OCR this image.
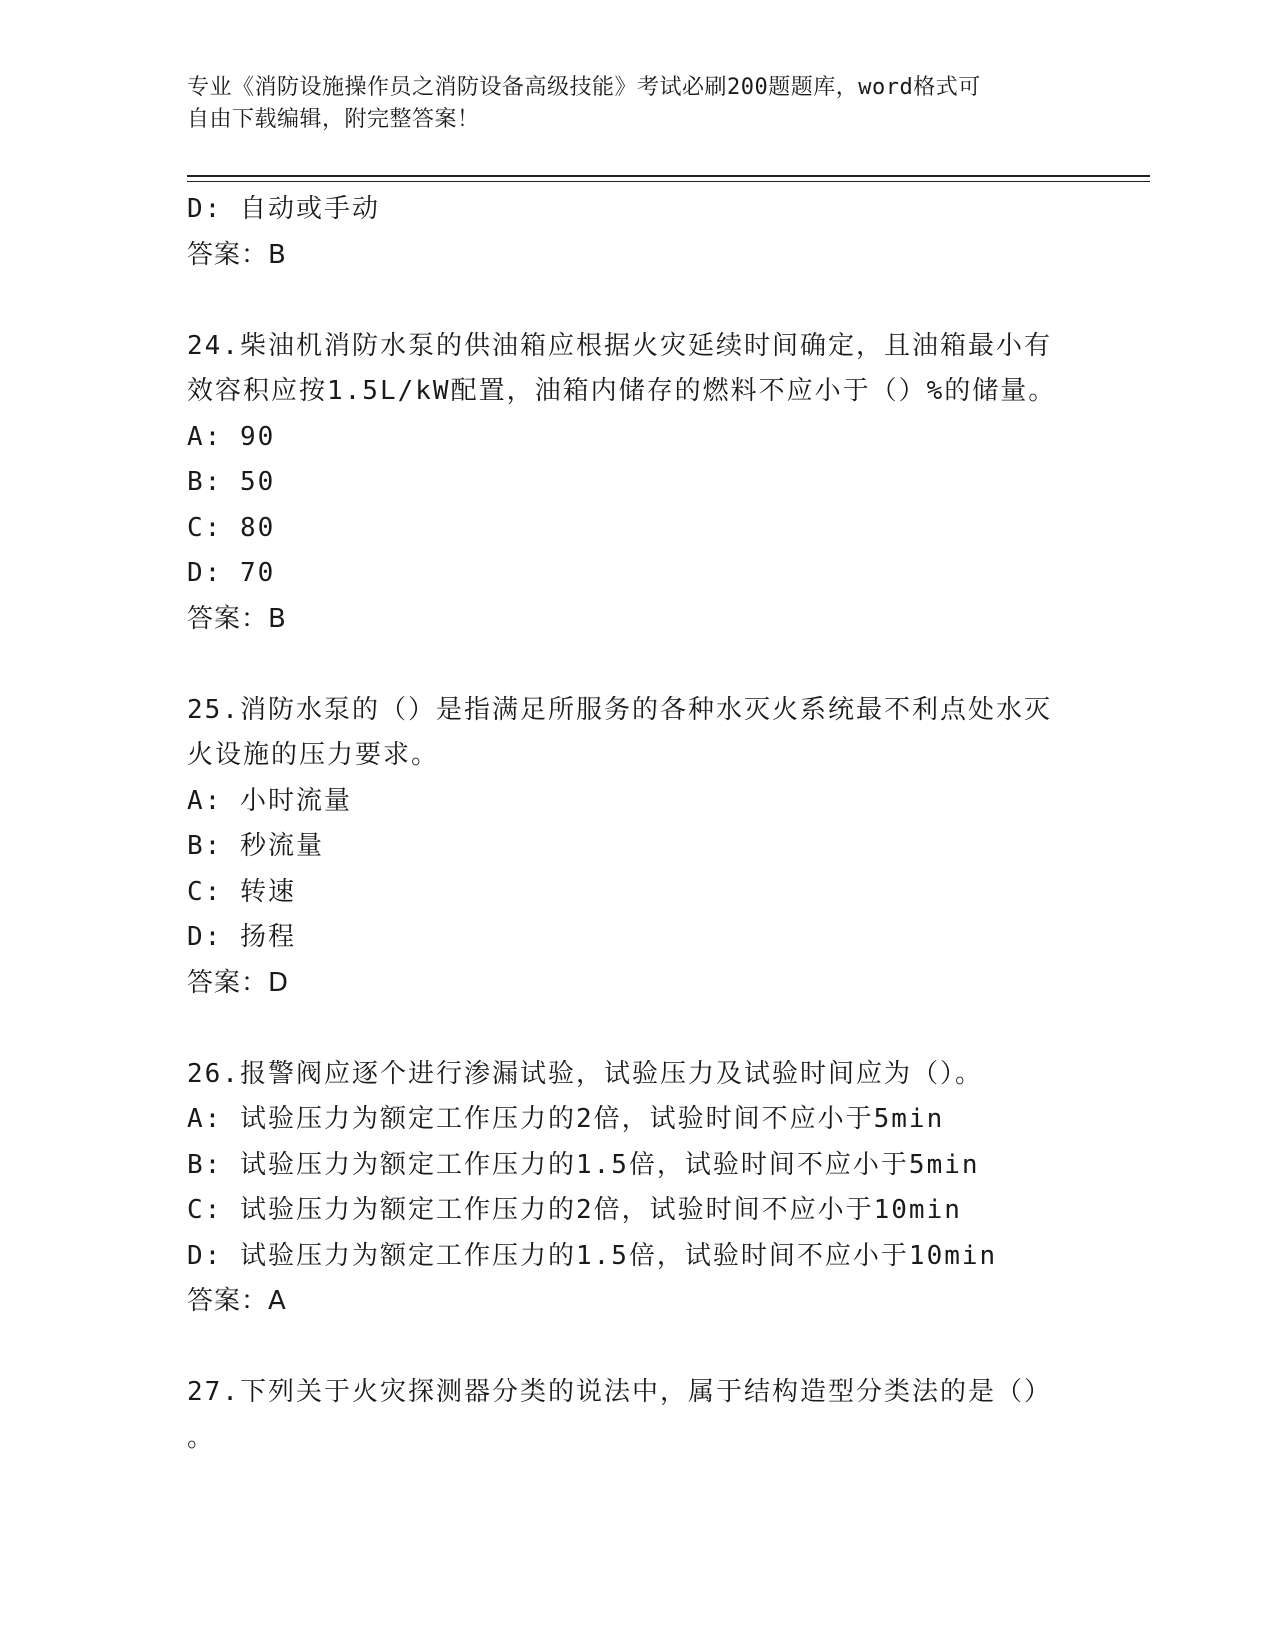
专业《消防设施操作员之消防设备高级技能》考试必刷200题题库，word格式可
自由下载编辑，附完整答案！
D: 自动或手动
答案：B
24.柴油机消防水泵的供油箱应根据火灾延续时间确定，且油箱最小有
效容积应按1.5L/kW配置，油箱内储存的燃料不应小于（）%的储量。
A: 90
B: 50
C: 80
D: 70
答案：B
25.消防水泵的（）是指满足所服务的各种水灭火系统最不利点处水灭
火设施的压力要求。
A: 小时流量
B: 秒流量
C: 转速
D: 扬程
答案：D
26.报警阀应逐个进行渗漏试验，试验压力及试验时间应为（）。
A: 试验压力为额定工作压力的2倍，试验时间不应小于5min
B: 试验压力为额定工作压力的1.5倍，试验时间不应小于5min
C: 试验压力为额定工作压力的2倍，试验时间不应小于10min
D: 试验压力为额定工作压力的1.5倍，试验时间不应小于10min
答案：A
27.下列关于火灾探测器分类的说法中，属于结构造型分类法的是（）
。
